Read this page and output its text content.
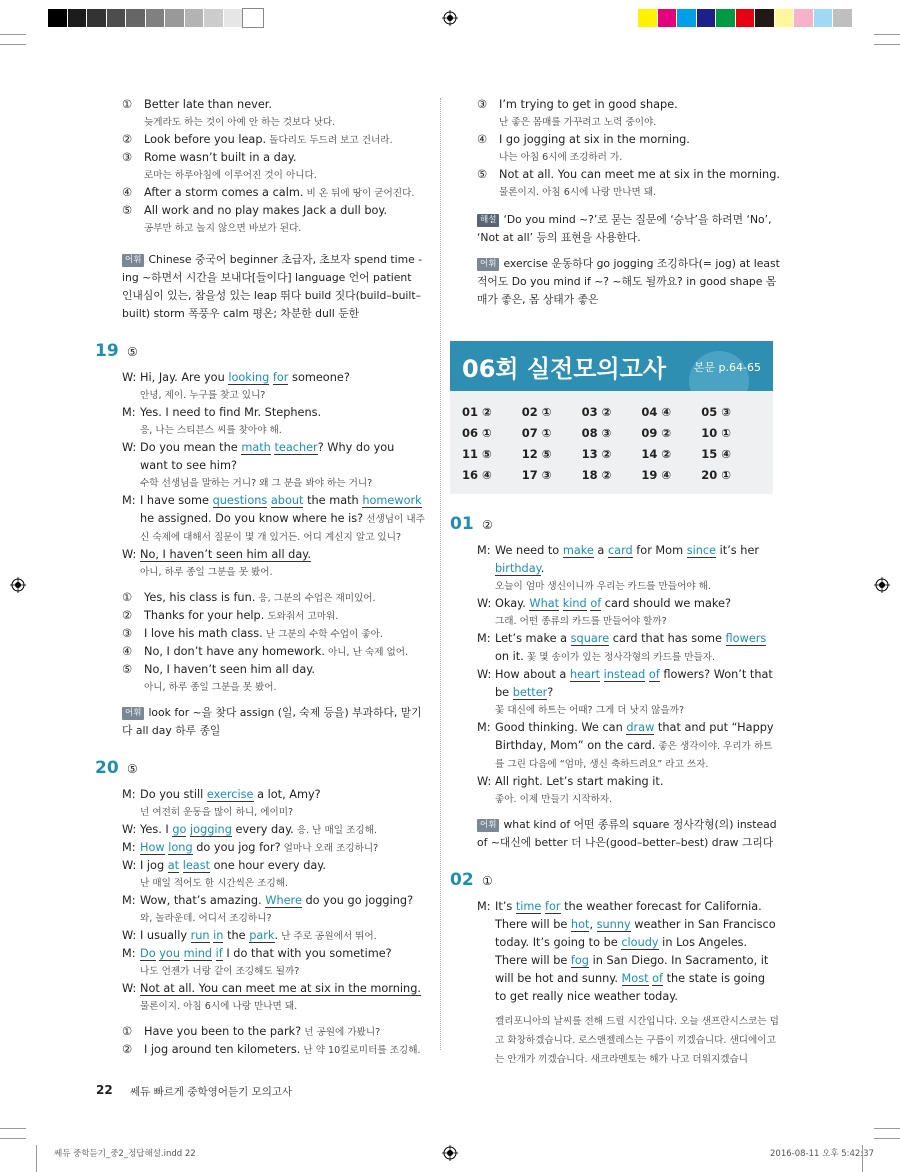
①	Better late than never.
늦게라도 하는 것이 아예 안 하는 것보다 낫다.
②	Look before you leap. 돌다리도 두드려 보고 건너라.
③	Rome wasn’t built in a day.
로마는 하루아침에 이루어진 것이 아니다.
④	After a storm comes a calm. 비 온 뒤에 땅이 굳어진다.
⑤	All work and no play makes Jack a dull boy.
공부만 하고 놀지 않으면 바보가 된다.
어휘 Chinese 중국어 beginner 초급자, 초보자 spend time -ing ~하면서 시간을 보내다[들이다] language 언어 patient 인내심이 있는, 참을성 있는 leap 뛰다 build 짓다(build–built–built) storm 폭풍우 calm 평온; 차분한 dull 둔한
19 ⑤
W: Hi, Jay. Are you looking for someone?
안녕, 제이. 누구를 찾고 있니?
M: Yes. I need to find Mr. Stephens.
응, 나는 스티븐스 씨를 찾아야 해.
W: Do you mean the math teacher? Why do you want to see him?
수학 선생님을 말하는 거니? 왜 그 분을 봐야 하는 거니?
M: I have some questions about the math homework he assigned. Do you know where he is? 선생님이 내주신 숙제에 대해서 질문이 몇 개 있거든. 어디 계신지 알고 있니?
W: No, I haven’t seen him all day.
아니, 하루 종일 그분을 못 봤어.
①	Yes, his class is fun. 응, 그분의 수업은 재미있어.
②	Thanks for your help. 도와줘서 고마워.
③	I love his math class. 난 그분의 수학 수업이 좋아.
④	No, I don’t have any homework. 아니, 난 숙제 없어.
⑤	No, I haven’t seen him all day.
아니, 하루 종일 그분을 못 봤어.
어휘 look for ~을 찾다 assign (일, 숙제 등을) 부과하다, 맡기다 all day 하루 종일
20 ⑤
M: Do you still exercise a lot, Amy?
넌 여전히 운동을 많이 하니, 에이미?
W: Yes. I go jogging every day. 응. 난 매일 조깅해.
M: How long do you jog for? 얼마나 오래 조깅하니?
W: I jog at least one hour every day.
난 매일 적어도 한 시간씩은 조깅해.
M: Wow, that’s amazing. Where do you go jogging?
와, 놀라운데. 어디서 조깅하니?
W: I usually run in the park. 난 주로 공원에서 뛰어.
M: Do you mind if I do that with you sometime?
나도 언젠가 너랑 같이 조깅해도 될까?
W: Not at all. You can meet me at six in the morning.
물론이지. 아침 6시에 나랑 만나면 돼.
①	Have you been to the park? 넌 공원에 가봤니?
②	I jog around ten kilometers. 난 약 10킬로미터를 조깅해.
③	I’m trying to get in good shape.
난 좋은 몸매를 가꾸려고 노력 중이야.
④	I go jogging at six in the morning.
나는 아침 6시에 조깅하러 가.
⑤	Not at all. You can meet me at six in the morning.
물론이지. 아침 6시에 나랑 만나면 돼.
해설 ‘Do you mind ~?’로 묻는 질문에 ‘승낙’을 하려면 ‘No’, ‘Not at all’ 등의 표현을 사용한다.
어휘 exercise 운동하다 go jogging 조깅하다(= jog) at least 적어도 Do you mind if ~? ~해도 될까요? in good shape 몸매가 좋은, 몸 상태가 좋은
06회 실전모의고사	본문 p.64-65
01 ②	02 ①	03 ②	04 ④	05 ③
06 ①	07 ①	08 ③	09 ②	10 ①
11 ⑤	12 ⑤	13 ②	14 ②	15 ④
16 ④	17 ③	18 ②	19 ④	20 ①
01 ②
M: We need to make a card for Mom since it’s her birthday.
오늘이 엄마 생신이니까 우리는 카드를 만들어야 해.
W: Okay. What kind of card should we make?
그래. 어떤 종류의 카드를 만들어야 할까?
M: Let’s make a square card that has some flowers on it. 꽃 몇 송이가 있는 정사각형의 카드를 만들자.
W: How about a heart instead of flowers? Won’t that be better?
꽃 대신에 하트는 어때? 그게 더 낫지 않을까?
M: Good thinking. We can draw that and put “Happy Birthday, Mom” on the card. 좋은 생각이야. 우리가 하트를 그린 다음에 “엄마, 생신 축하드려요” 라고 쓰자.
W: All right. Let’s start making it.
좋아. 이제 만들기 시작하자.
어휘 what kind of 어떤 종류의 square 정사각형(의) instead of ~대신에 better 더 나은(good–better–best) draw 그리다
02 ①
M: It’s time for the weather forecast for California. There will be hot, sunny weather in San Francisco today. It’s going to be cloudy in Los Angeles. There will be fog in San Diego. In Sacramento, it will be hot and sunny. Most of the state is going to get really nice weather today.
캘리포니아의 날씨를 전해 드릴 시간입니다. 오늘 샌프란시스코는 덥고 화창하겠습니다. 로스앤젤레스는 구름이 끼겠습니다. 샌디에이고는 안개가 끼겠습니다. 새크라멘토는 해가 나고 더워지겠습니
22 쎄듀 빠르게 중학영어듣기 모의고사
쎄듀 중학듣기_중2_정답해설.indd 22	2016-08-11 오후 5:42:37
